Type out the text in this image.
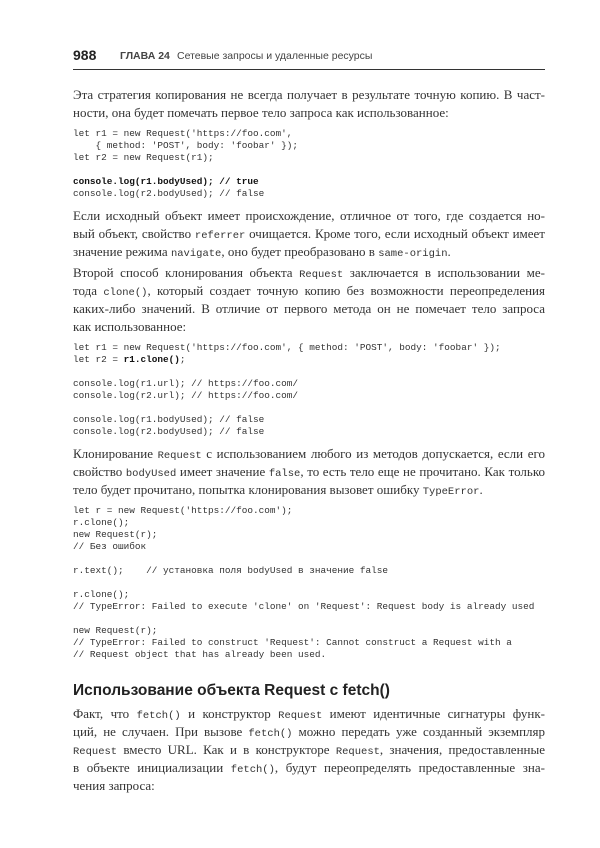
988 ГЛАВА 24 Сетевые запросы и удаленные ресурсы
Эта стратегия копирования не всегда получает в результате точную копию. В част-
ности, она будет помечать первое тело запроса как использованное:
let r1 = new Request('https://foo.com',
{ method: 'POST', body: 'foobar' });
let r2 = new Request(r1);
console.log(r1.bodyUsed); // true
console.log(r2.bodyUsed); // false
Если исходный объект имеет происхождение, отличное от того, где создается но-
вый объект, свойство referrer очищается. Кроме того, если исходный объект имеет
значение режима navigate, оно будет преобразовано в same-origin.
Второй способ клонирования объекта Request заключается в использовании ме-
тода clone(), который создает точную копию без возможности переопределения
каких-либо значений. В отличие от первого метода он не помечает тело запроса
как использованное:
let r1 = new Request('https://foo.com', { method: 'POST', body: 'foobar' });
let r2 = r1.clone();
console.log(r1.url); // https://foo.com/
console.log(r2.url); // https://foo.com/
console.log(r1.bodyUsed); // false
console.log(r2.bodyUsed); // false
Клонирование Request с использованием любого из методов допускается, если его
свойство bodyUsed имеет значение false, то есть тело еще не прочитано. Как только
тело будет прочитано, попытка клонирования вызовет ошибку TypeError.
let r = new Request('https://foo.com');
r.clone();
new Request(r);
// Без ошибок
r.text();    // установка поля bodyUsed в значение false
r.clone();
// TypeError: Failed to execute 'clone' on 'Request': Request body is already used
new Request(r);
// TypeError: Failed to construct 'Request': Cannot construct a Request with a
// Request object that has already been used.
Использование объекта Request с fetch()
Факт, что fetch() и конструктор Request имеют идентичные сигнатуры функ-
ций, не случаен. При вызове fetch() можно передать уже созданный экземпляр
Request вместо URL. Как и в конструкторе Request, значения, предоставленные
в объекте инициализации fetch(), будут переопределять предоставленные зна-
чения запроса:
